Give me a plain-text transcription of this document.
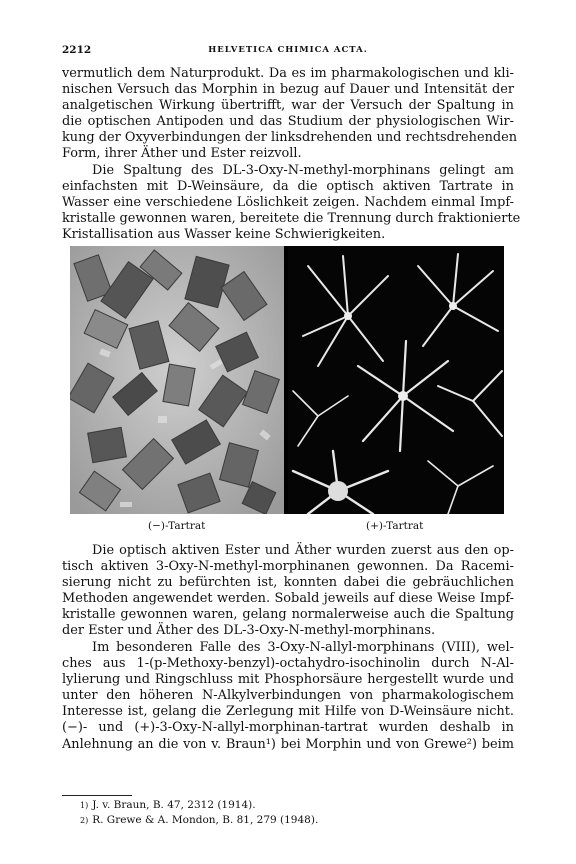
2212	HELVETICA CHIMICA ACTA.
vermutlich dem Naturprodukt. Da es im pharmakologischen und kli-
nischen Versuch das Morphin in bezug auf Dauer und Intensität der
analgetischen Wirkung übertrifft, war der Versuch der Spaltung in
die optischen Antipoden und das Studium der physiologischen Wir-
kung der Oxyverbindungen der linksdrehenden und rechtsdrehenden
Form, ihrer Äther und Ester reizvoll.
Die Spaltung des DL-3-Oxy-N-methyl-morphinans gelingt am
einfachsten mit D-Weinsäure, da die optisch aktiven Tartrate in
Wasser eine verschiedene Löslichkeit zeigen. Nachdem einmal Impf-
kristalle gewonnen waren, bereitete die Trennung durch fraktionierte
Kristallisation aus Wasser keine Schwierigkeiten.
(−)-Tartrat	(+)-Tartrat
Die optisch aktiven Ester und Äther wurden zuerst aus den op-
tisch aktiven 3-Oxy-N-methyl-morphinanen gewonnen. Da Racemi-
sierung nicht zu befürchten ist, konnten dabei die gebräuchlichen
Methoden angewendet werden. Sobald jeweils auf diese Weise Impf-
kristalle gewonnen waren, gelang normalerweise auch die Spaltung
der Ester und Äther des DL-3-Oxy-N-methyl-morphinans.
Im besonderen Falle des 3-Oxy-N-allyl-morphinans (VIII), wel-
ches aus 1-(p-Methoxy-benzyl)-octahydro-isochinolin durch N-Al-
lylierung und Ringschluss mit Phosphorsäure hergestellt wurde und
unter den höheren N-Alkylverbindungen von pharmakologischem
Interesse ist, gelang die Zerlegung mit Hilfe von D-Weinsäure nicht.
(−)- und (+)-3-Oxy-N-allyl-morphinan-tartrat wurden deshalb in
Anlehnung an die von v. Braun¹) bei Morphin und von Grewe²) beim
$^{1)}$ J. v. Braun, B. 47, 2312 (1914).
$^{2)}$ R. Grewe & A. Mondon, B. 81, 279 (1948).
